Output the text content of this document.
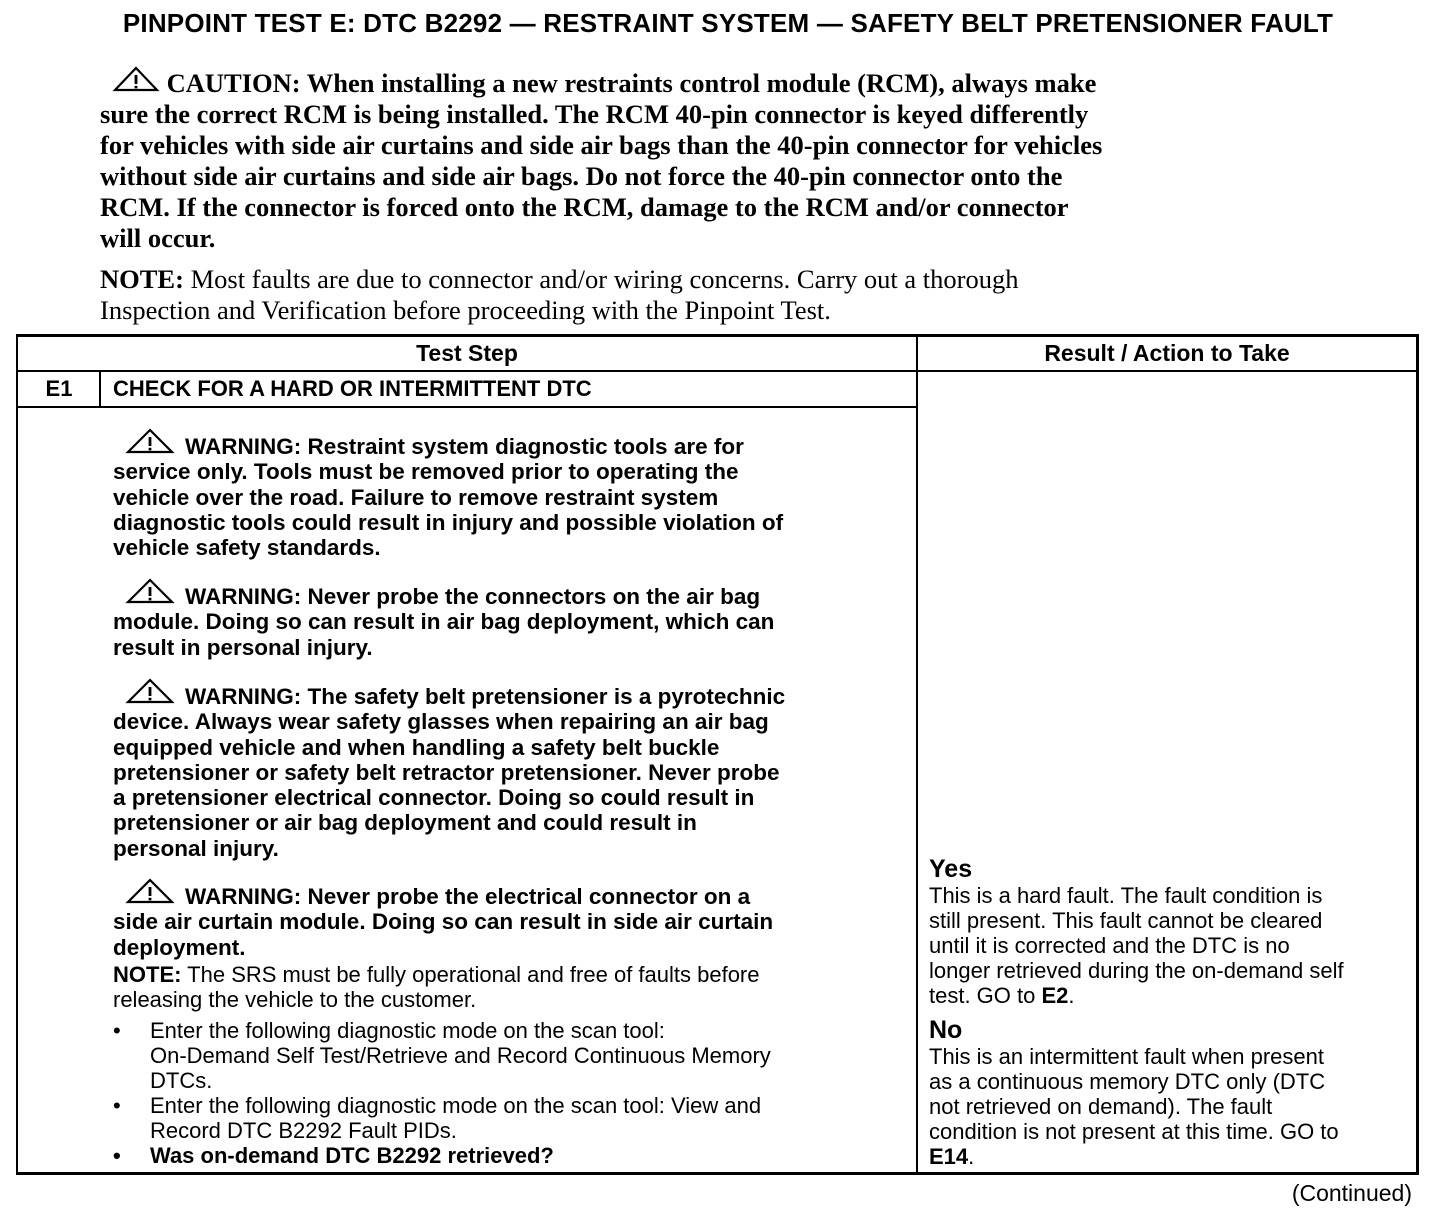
PINPOINT TEST E: DTC B2292 — RESTRAINT SYSTEM — SAFETY BELT PRETENSIONER FAULT
CAUTION: When installing a new restraints control module (RCM), always make
sure the correct RCM is being installed. The RCM 40-pin connector is keyed differently
for vehicles with side air curtains and side air bags than the 40-pin connector for vehicles
without side air curtains and side air bags. Do not force the 40-pin connector onto the
RCM. If the connector is forced onto the RCM, damage to the RCM and/or connector
will occur.
NOTE: Most faults are due to connector and/or wiring concerns. Carry out a thorough
Inspection and Verification before proceeding with the Pinpoint Test.
Test Step	Result / Action to Take
E1	CHECK FOR A HARD OR INTERMITTENT DTC
WARNING: Restraint system diagnostic tools are for
service only. Tools must be removed prior to operating the
vehicle over the road. Failure to remove restraint system
diagnostic tools could result in injury and possible violation of
vehicle safety standards.
WARNING: Never probe the connectors on the air bag
module. Doing so can result in air bag deployment, which can
result in personal injury.
WARNING: The safety belt pretensioner is a pyrotechnic
device. Always wear safety glasses when repairing an air bag
equipped vehicle and when handling a safety belt buckle
pretensioner or safety belt retractor pretensioner. Never probe
a pretensioner electrical connector. Doing so could result in
pretensioner or air bag deployment and could result in
personal injury.
WARNING: Never probe the electrical connector on a
side air curtain module. Doing so can result in side air curtain
deployment.
NOTE: The SRS must be fully operational and free of faults before
releasing the vehicle to the customer.
• Enter the following diagnostic mode on the scan tool:
On-Demand Self Test/Retrieve and Record Continuous Memory
DTCs.
• Enter the following diagnostic mode on the scan tool: View and
Record DTC B2292 Fault PIDs.
• Was on-demand DTC B2292 retrieved?
Yes
This is a hard fault. The fault condition is
still present. This fault cannot be cleared
until it is corrected and the DTC is no
longer retrieved during the on-demand self
test. GO to E2.
No
This is an intermittent fault when present
as a continuous memory DTC only (DTC
not retrieved on demand). The fault
condition is not present at this time. GO to
E14.
(Continued)
